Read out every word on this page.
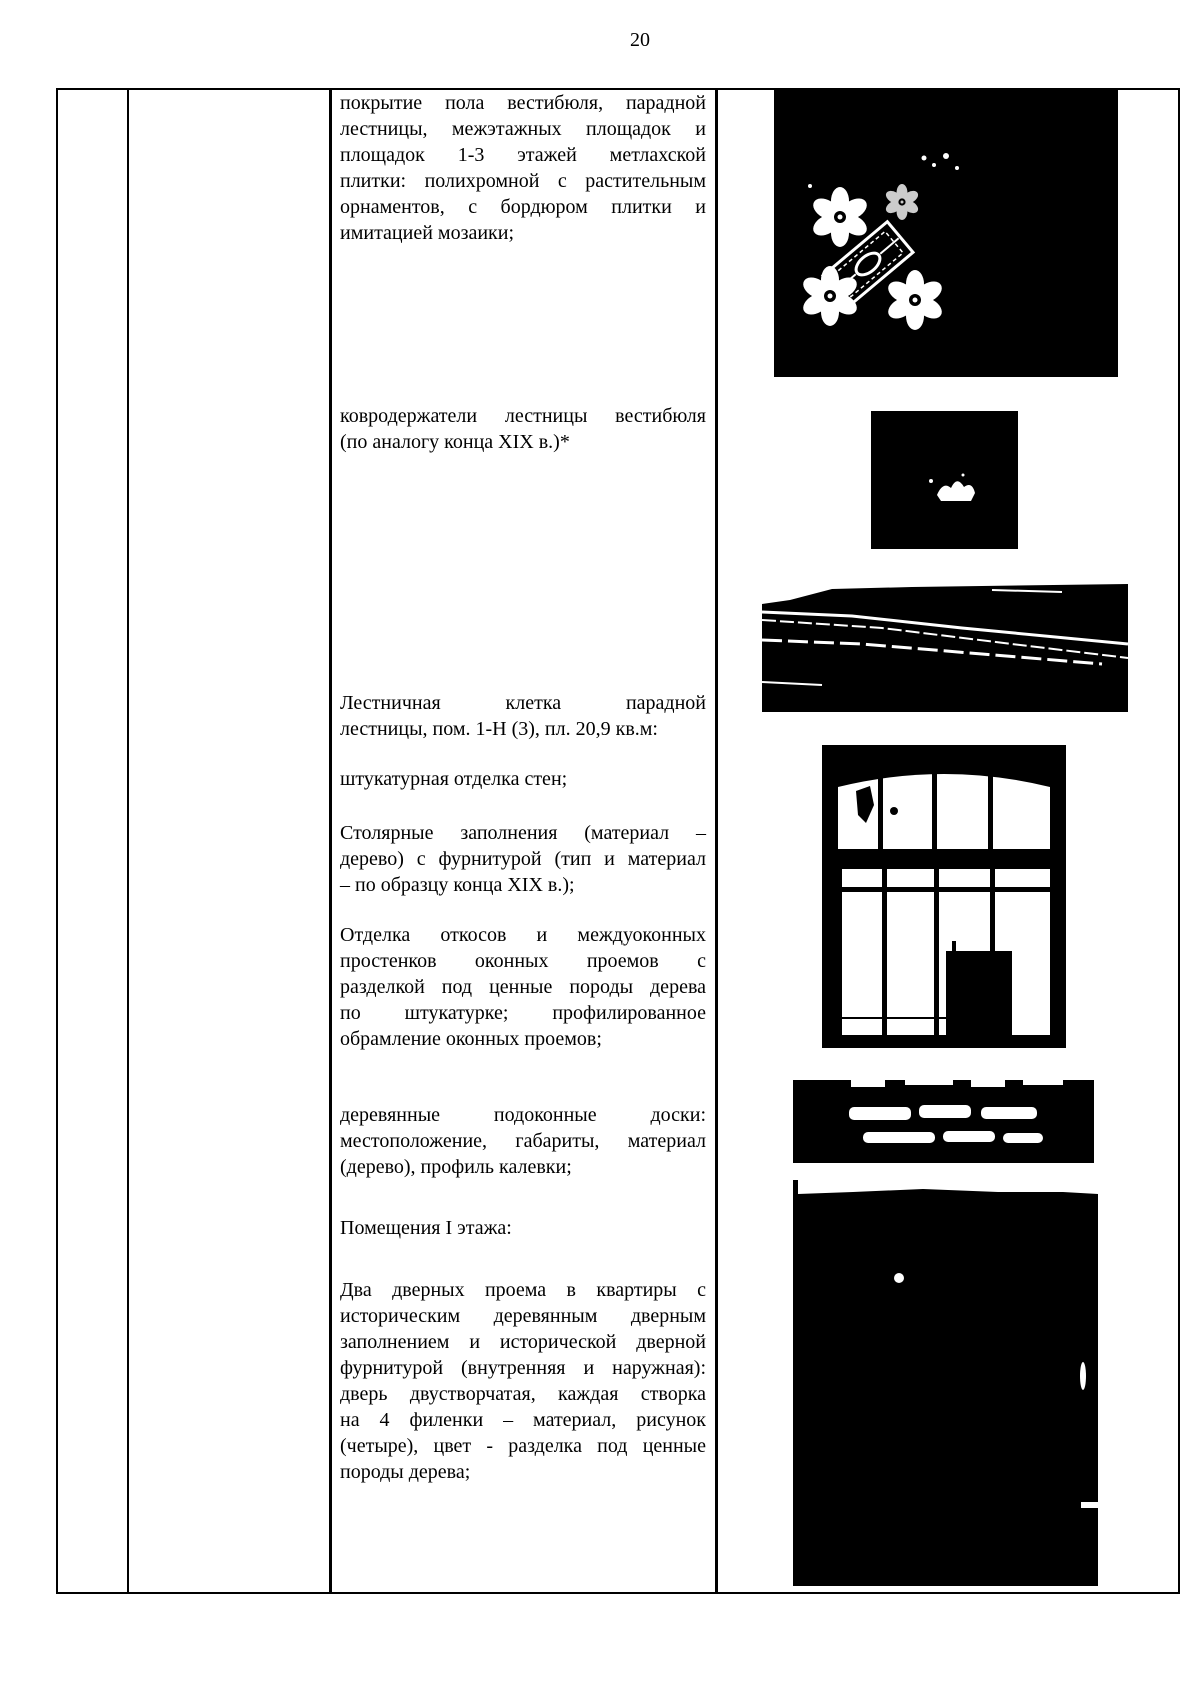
20
покрытие пола вестибюля, парадной
лестницы, межэтажных площадок и
площадок 1-3 этажей метлахской
плитки: полихромной с растительным
орнаментов, с бордюром плитки и
имитацией мозаики;
ковродержатели лестницы вестибюля
(по аналогу конца XIX в.)*
Лестничная клетка парадной
лестницы, пом. 1-Н (3), пл. 20,9 кв.м:
штукатурная отделка стен;
Столярные заполнения (материал –
дерево) с фурнитурой (тип и материал
– по образцу конца XIX в.);
Отделка откосов и междуоконных
простенков оконных проемов с
разделкой под ценные породы дерева
по штукатурке; профилированное
обрамление оконных проемов;
деревянные подоконные доски:
местоположение, габариты, материал
(дерево), профиль калевки;
Помещения I этажа:
Два дверных проема в квартиры с
историческим деревянным дверным
заполнением и исторической дверной
фурнитурой (внутренняя и наружная):
дверь двустворчатая, каждая створка
на 4 филенки – материал, рисунок
(четыре), цвет - разделка под ценные
породы дерева;
